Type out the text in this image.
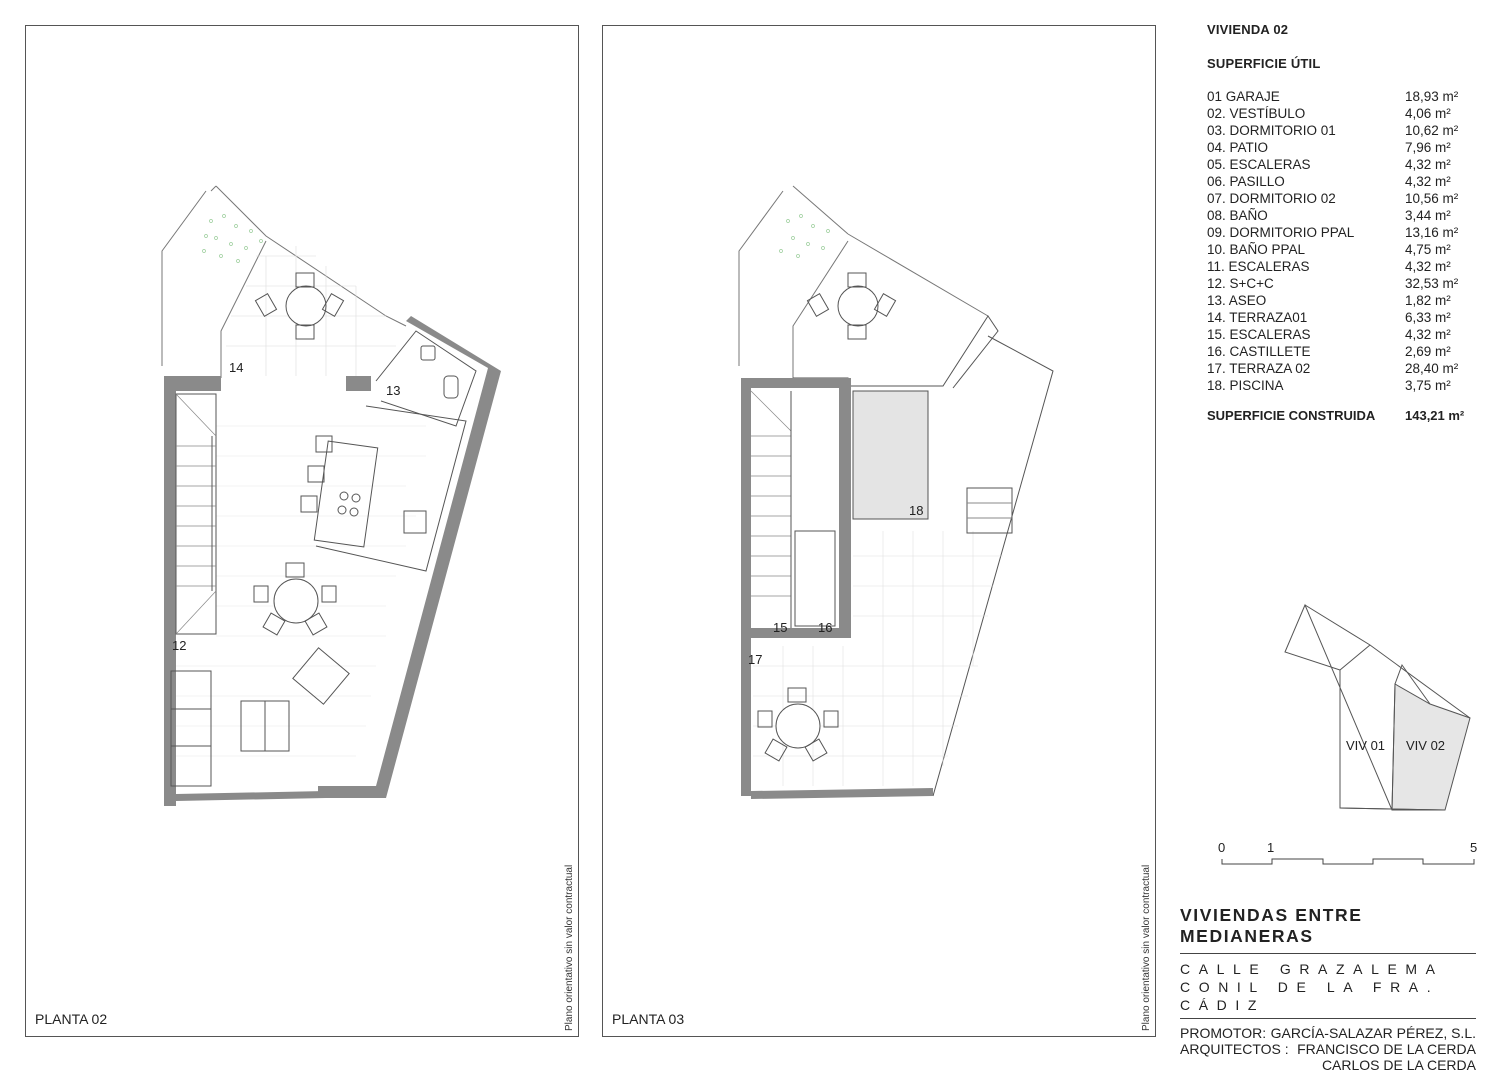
14
13
12
PLANTA 02	Plano orientativo sin valor contractual
18
15 16
17
PLANTA 03	Plano orientativo sin valor contractual
VIVIENDA 02
SUPERFICIE ÚTIL
01 GARAJE	18,93 m²
02. VESTÍBULO	4,06 m²
03. DORMITORIO 01	10,62 m²
04. PATIO	7,96 m²
05. ESCALERAS	4,32 m²
06. PASILLO	4,32 m²
07. DORMITORIO 02	10,56 m²
08. BAÑO	3,44 m²
09. DORMITORIO PPAL	13,16 m²
10. BAÑO PPAL	4,75 m²
11. ESCALERAS	4,32 m²
12. S+C+C	32,53 m²
13. ASEO	1,82 m²
14. TERRAZA01	6,33 m²
15. ESCALERAS	4,32 m²
16. CASTILLETE	2,69 m²
17. TERRAZA 02	28,40 m²
18. PISCINA	3,75 m²
SUPERFICIE CONSTRUIDA 143,21 m²
VIV 01 VIV 02
0	1	5
VIVIENDAS ENTRE MEDIANERAS
CALLE GRAZALEMA
CONIL DE LA FRA. CÁDIZ
PROMOTOR: GARCÍA-SALAZAR PÉREZ, S.L.
ARQUITECTOS : FRANCISCO DE LA CERDA
CARLOS DE LA CERDA
